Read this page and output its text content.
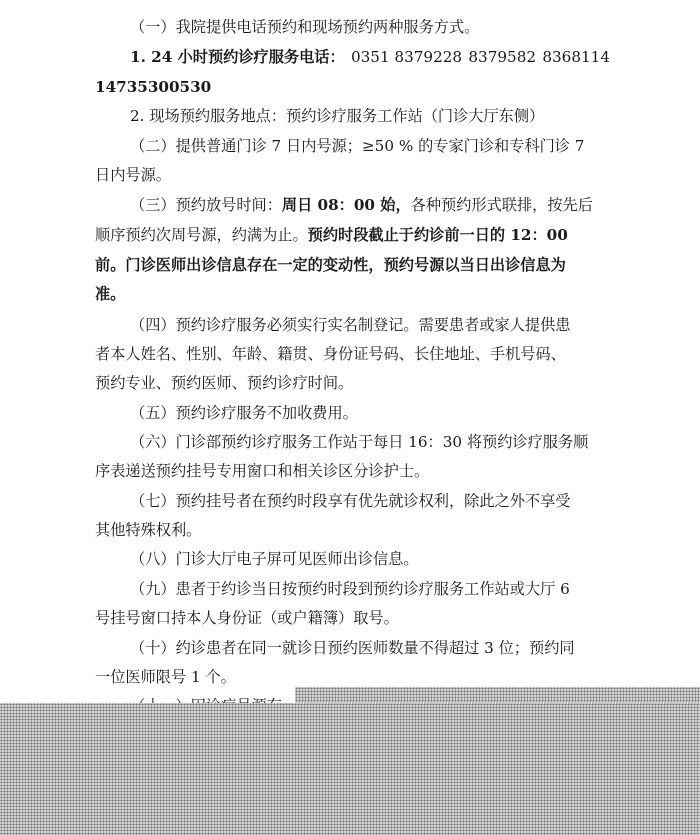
（一）我院提供电话预约和现场预约两种服务方式。
1. 24 小时预约诊疗服务电话： 0351 8379228 8379582 8368114
14735300530
2. 现场预约服务地点：预约诊疗服务工作站（门诊大厅东侧）
（二）提供普通门诊 7 日内号源；≥50 % 的专家门诊和专科门诊 7
日内号源。
（三）预约放号时间：周日 08：00 始，各种预约形式联排，按先后
顺序预约次周号源，约满为止。预约时段截止于约诊前一日的 12：00
前。门诊医师出诊信息存在一定的变动性，预约号源以当日出诊信息为
准。
（四）预约诊疗服务必须实行实名制登记。需要患者或家人提供患
者本人姓名、性别、年龄、籍贯、身份证号码、长住地址、手机号码、
预约专业、预约医师、预约诊疗时间。
（五）预约诊疗服务不加收费用。
（六）门诊部预约诊疗服务工作站于每日 16：30 将预约诊疗服务顺
序表递送预约挂号专用窗口和相关诊区分诊护士。
（七）预约挂号者在预约时段享有优先就诊权利，除此之外不享受
其他特殊权利。
（八）门诊大厅电子屏可见医师出诊信息。
（九）患者于约诊当日按预约时段到预约诊疗服务工作站或大厅 6
号挂号窗口持本人身份证（或户籍簿）取号。
（十）约诊患者在同一就诊日预约医师数量不得超过 3 位；预约同
一位医师限号 1 个。
